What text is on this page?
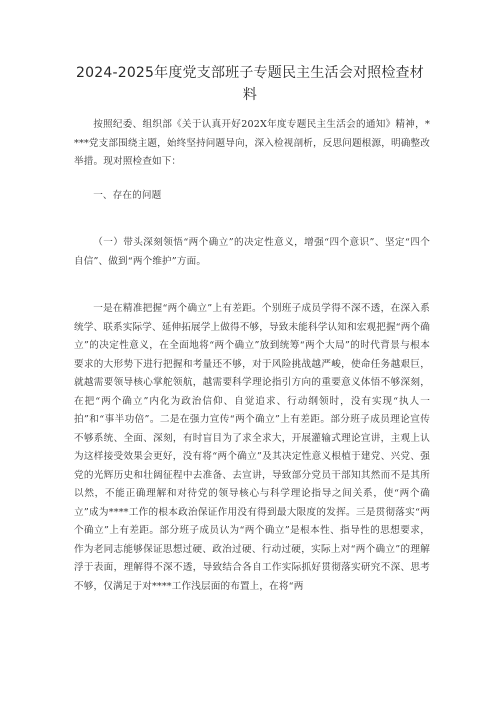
2024-2025年度党支部班子专题民主生活会对照检查材料
按照纪委、组织部《关于认真开好202X年度专题民主生活会的通知》精神，****党支部围绕主题，始终坚持问题导向，深入检视剖析，反思问题根源，明确整改举措。现对照检查如下：
一、存在的问题
（一）带头深刻领悟“两个确立”的决定性意义，增强“四个意识”、坚定“四个自信”、做到“两个维护”方面。
一是在精准把握“两个确立”上有差距。个别班子成员学得不深不透，在深入系统学、联系实际学、延伸拓展学上做得不够，导致未能科学认知和宏观把握“两个确立”的决定性意义，在全面地将“两个确立”放到统筹“两个大局”的时代背景与根本要求的大形势下进行把握和考量还不够，对于风险挑战越严峻，使命任务越艰巨，就越需要领导核心掌舵领航，越需要科学理论指引方向的重要意义体悟不够深刻，在把“两个确立”内化为政治信仰、自觉追求、行动纲领时，没有实现“执人一拍”和“事半功倍”。二是在强力宣传“两个确立”上有差距。部分班子成员理论宣传不够系统、全面、深刻，有时盲目为了求全求大，开展灌输式理论宣讲，主观上认为这样接受效果会更好，没有将“两个确立”及其决定性意义根植于建党、兴党、强党的光辉历史和壮阔征程中去准备、去宣讲，导致部分党员干部知其然而不是其所以然，不能正确理解和对待党的领导核心与科学理论指导之间关系，使“两个确立”成为****工作的根本政治保证作用没有得到最大限度的发挥。三是贯彻落实“两个确立”上有差距。部分班子成员认为“两个确立”是根本性、指导性的思想要求，作为老同志能够保证思想过硬、政治过硬、行动过硬，实际上对“两个确立”的理解浮于表面，理解得不深不透，导致结合各自工作实际抓好贯彻落实研究不深、思考不够，仅满足于对****工作浅层面的布置上，在将“两
